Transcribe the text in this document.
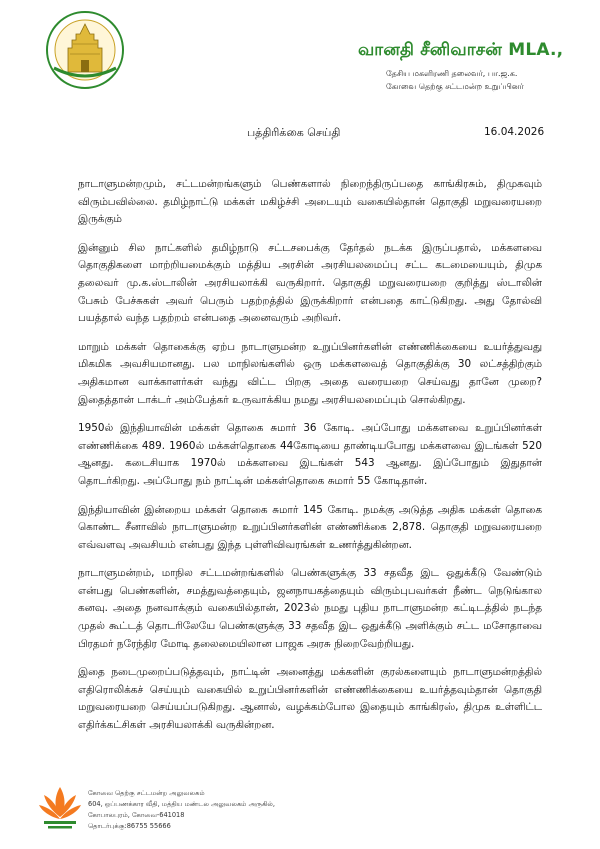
வானதி சீனிவாசன் MLA.,
தேசிய மகளிரணி தலைவர், பா.ஜ.க.
கோவை தெற்கு சட்டமன்ற உறுப்பினர்
பத்திரிக்கை செய்தி	16.04.2026

நாடாளுமன்றமும், சட்டமன்றங்களும் பெண்களால் நிறைந்திருப்பதை காங்கிரசும், திமுகவும் விரும்பவில்லை. தமிழ்நாட்டு மக்கள் மகிழ்ச்சி அடையும் வகையில்தான் தொகுதி மறுவரையறை இருக்கும்

இன்னும் சில நாட்களில் தமிழ்நாடு சட்டசபைக்கு தேர்தல் நடக்க இருப்பதால், மக்களவை தொகுதிகளை மாற்றியமைக்கும் மத்திய அரசின் அரசியலமைப்பு சட்ட கடமையையும், திமுக தலைவர் மு.க.ஸ்டாலின் அரசியலாக்கி வருகிறார். தொகுதி மறுவரையறை குறித்து ஸ்டாலின் பேசும் பேச்சுகள் அவர் பெரும் பதற்றத்தில் இருக்கிறார் என்பதை காட்டுகிறது. அது தோல்வி பயத்தால் வந்த பதற்றம் என்பதை அனைவரும் அறிவர்.

மாறும் மக்கள் தொகைக்கு ஏற்ப நாடாளுமன்ற உறுப்பினர்களின் எண்ணிக்கையை உயர்த்துவது மிகமிக அவசியமானது. பல மாநிலங்களில் ஒரு மக்களவைத் தொகுதிக்கு 30 லட்சத்திற்கும் அதிகமான வாக்காளர்கள் வந்து விட்ட பிறகு அதை வரையறை செய்வது தானே முறை? இதைத்தான் டாக்டர் அம்பேத்கர் உருவாக்கிய நமது அரசியலமைப்பும் சொல்கிறது.

1950ல் இந்தியாவின் மக்கள் தொகை சுமார் 36 கோடி. அப்போது மக்களவை உறுப்பினர்கள் எண்ணிக்கை 489. 1960ல் மக்கள்தொகை 44கோடியை தாண்டியபோது மக்களவை இடங்கள் 520 ஆனது. கடைசியாக 1970ல் மக்களவை இடங்கள் 543 ஆனது. இப்போதும் இதுதான் தொடர்கிறது. அப்போது நம் நாட்டின் மக்கள்தொகை சுமார் 55 கோடிதான்.

இந்தியாவின் இன்றைய மக்கள் தொகை சுமார் 145 கோடி. நமக்கு அடுத்த அதிக மக்கள் தொகை கொண்ட சீனாவில் நாடாளுமன்ற உறுப்பினர்களின் எண்ணிக்கை 2,878. தொகுதி மறுவரையறை எவ்வளவு அவசியம் என்பது இந்த புள்ளிவிவரங்கள் உணர்த்துகின்றன.

நாடாளுமன்றம், மாநில சட்டமன்றங்களில் பெண்களுக்கு 33 சதவீத இட ஒதுக்கீடு வேண்டும் என்பது பெண்களின், சமத்துவத்தையும், ஜனநாயகத்தையும் விரும்புபவர்கள் நீண்ட நெடுங்கால கனவு. அதை நனவாக்கும் வகையில்தான், 2023ல் நமது புதிய நாடாளுமன்ற கட்டிடத்தில் நடந்த முதல் கூட்டத் தொடரிலேயே பெண்களுக்கு 33 சதவீத இட ஒதுக்கீடு அளிக்கும் சட்ட மசோதாவை பிரதமர் நரேந்திர மோடி தலைமையிலான பாஜக அரசு நிறைவேற்றியது.

இதை நடைமுறைப்படுத்தவும், நாட்டின் அனைத்து மக்களின் குரல்களையும் நாடாளுமன்றத்தில் எதிரொலிக்கச் செய்யும் வகையில் உறுப்பினர்களின் எண்ணிக்கையை உயர்த்தவும்தான் தொகுதி மறுவரையறை செய்யப்படுகிறது. ஆனால், வழக்கம்போல இதையும் காங்கிரஸ், திமுக உள்ளிட்ட எதிர்க்கட்சிகள் அரசியலாக்கி வருகின்றன.

கோவை தெற்கு சட்டமன்ற அலுவலகம்
604, ஒப்பணக்கார வீதி, மத்திய மண்டல அலுவலகம் அருகில்,
கோபாலபுரம், கோவை-641018
தொடர்புக்கு:86755 55666
